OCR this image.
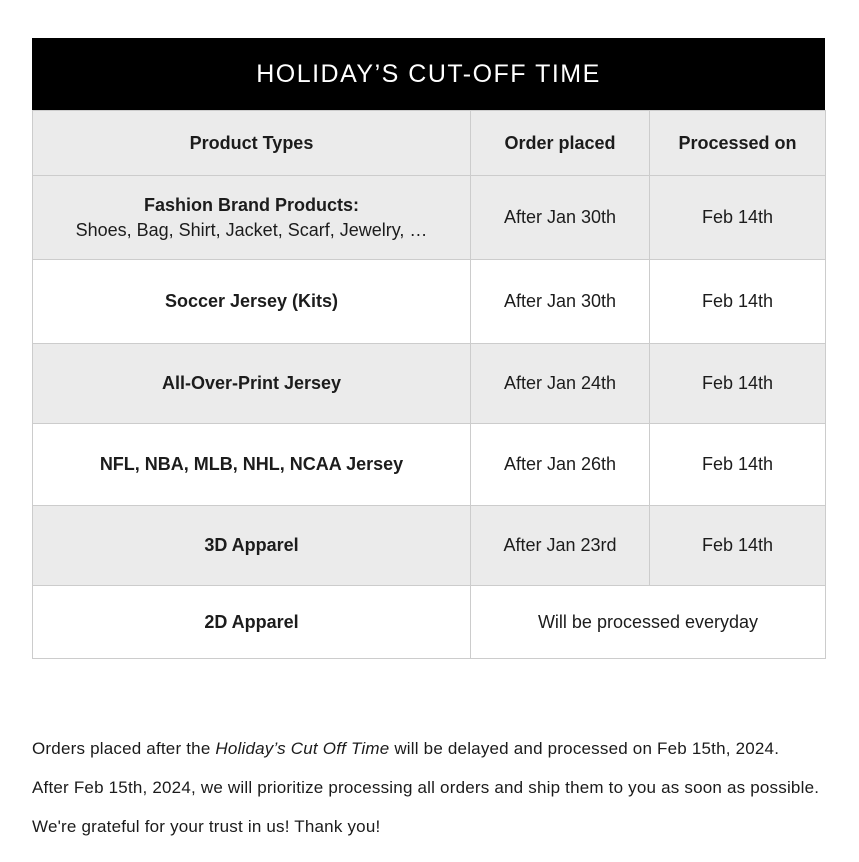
HOLIDAY’S CUT-OFF TIME
Product Types	Order placed	Processed on

Fashion Brand Products:
Shoes, Bag, Shirt, Jacket, Scarf, Jewelry, …	After Jan 30th	Feb 14th

Soccer Jersey (Kits)	After Jan 30th	Feb 14th

All-Over-Print Jersey	After Jan 24th	Feb 14th

NFL, NBA, MLB, NHL, NCAA Jersey	After Jan 26th	Feb 14th

3D Apparel	After Jan 23rd	Feb 14th

2D Apparel	Will be processed everyday	

Orders placed after the Holiday’s Cut Off Time will be delayed and processed on Feb 15th, 2024.

After Feb 15th, 2024, we will prioritize processing all orders and ship them to you as soon as possible.

We're grateful for your trust in us! Thank you!
